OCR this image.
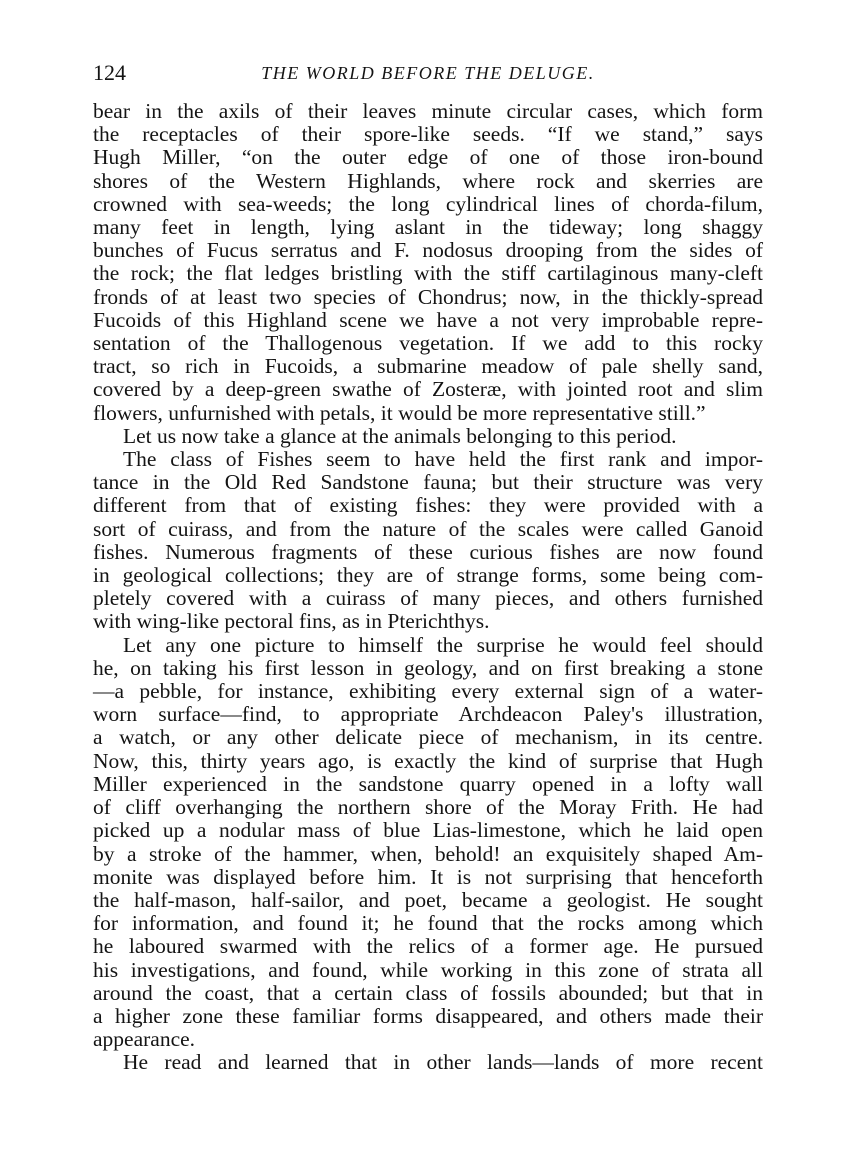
124	THE WORLD BEFORE THE DELUGE.
bear in the axils of their leaves minute circular cases, which form
the receptacles of their spore-like seeds. “If we stand,” says
Hugh Miller, “on the outer edge of one of those iron-bound
shores of the Western Highlands, where rock and skerries are
crowned with sea-weeds; the long cylindrical lines of chorda-filum,
many feet in length, lying aslant in the tideway; long shaggy
bunches of Fucus serratus and F. nodosus drooping from the sides of
the rock; the flat ledges bristling with the stiff cartilaginous many-cleft
fronds of at least two species of Chondrus; now, in the thickly-spread
Fucoids of this Highland scene we have a not very improbable repre-
sentation of the Thallogenous vegetation. If we add to this rocky
tract, so rich in Fucoids, a submarine meadow of pale shelly sand,
covered by a deep-green swathe of Zosteræ, with jointed root and slim
flowers, unfurnished with petals, it would be more representative still.”
Let us now take a glance at the animals belonging to this period.
The class of Fishes seem to have held the first rank and impor-
tance in the Old Red Sandstone fauna; but their structure was very
different from that of existing fishes: they were provided with a
sort of cuirass, and from the nature of the scales were called Ganoid
fishes. Numerous fragments of these curious fishes are now found
in geological collections; they are of strange forms, some being com-
pletely covered with a cuirass of many pieces, and others furnished
with wing-like pectoral fins, as in Pterichthys.
Let any one picture to himself the surprise he would feel should
he, on taking his first lesson in geology, and on first breaking a stone
—a pebble, for instance, exhibiting every external sign of a water-
worn surface—find, to appropriate Archdeacon Paley's illustration,
a watch, or any other delicate piece of mechanism, in its centre.
Now, this, thirty years ago, is exactly the kind of surprise that Hugh
Miller experienced in the sandstone quarry opened in a lofty wall
of cliff overhanging the northern shore of the Moray Frith. He had
picked up a nodular mass of blue Lias-limestone, which he laid open
by a stroke of the hammer, when, behold! an exquisitely shaped Am-
monite was displayed before him. It is not surprising that henceforth
the half-mason, half-sailor, and poet, became a geologist. He sought
for information, and found it; he found that the rocks among which
he laboured swarmed with the relics of a former age. He pursued
his investigations, and found, while working in this zone of strata all
around the coast, that a certain class of fossils abounded; but that in
a higher zone these familiar forms disappeared, and others made their
appearance.
He read and learned that in other lands—lands of more recent
